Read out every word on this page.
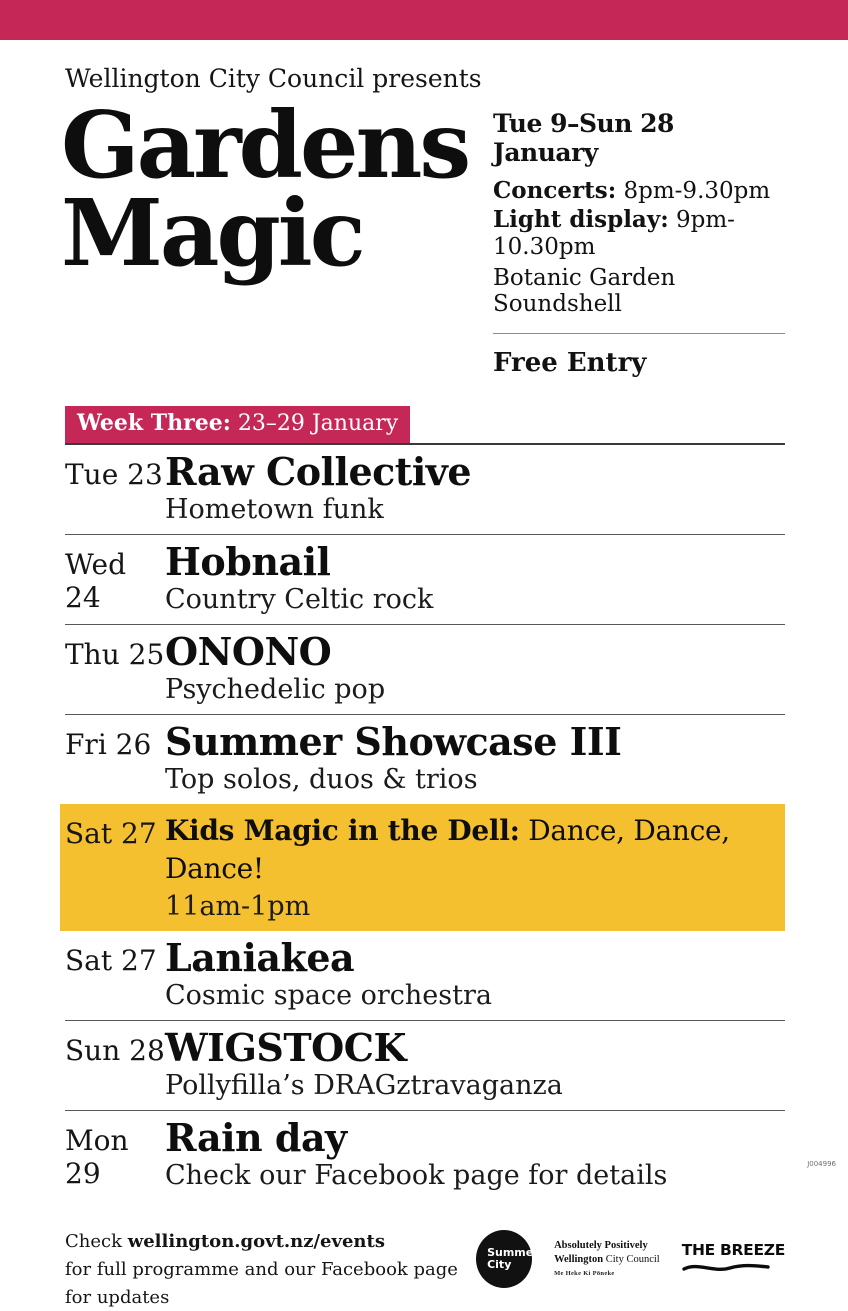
Wellington City Council presents
Gardens
Magic
Tue 9–Sun 28 January
Concerts: 8pm-9.30pm
Light display: 9pm-10.30pm
Botanic Garden Soundshell
Free Entry
Week Three: 23–29 January
Tue 23 Raw Collective
Hometown funk
Wed 24
Hobnail
Country Celtic rock
Thu 25 ONONO
Psychedelic pop
Fri 26 Summer Showcase III
Top solos, duos & trios
Sat 27 Kids Magic in the Dell: Dance, Dance, Dance!
11am-1pm
Sat 27 Laniakea
Cosmic space orchestra
Sun 28 WIGSTOCK
Pollyfilla’s DRAGztravaganza
Mon 29
Rain day
Check our Facebook page for details
Check wellington.govt.nz/events
for full programme and our Facebook page for updates
Summer
City
Absolutely Positively
Wellington City Council
Me Heke Ki Pōneke
THE BREEZE
J004996
